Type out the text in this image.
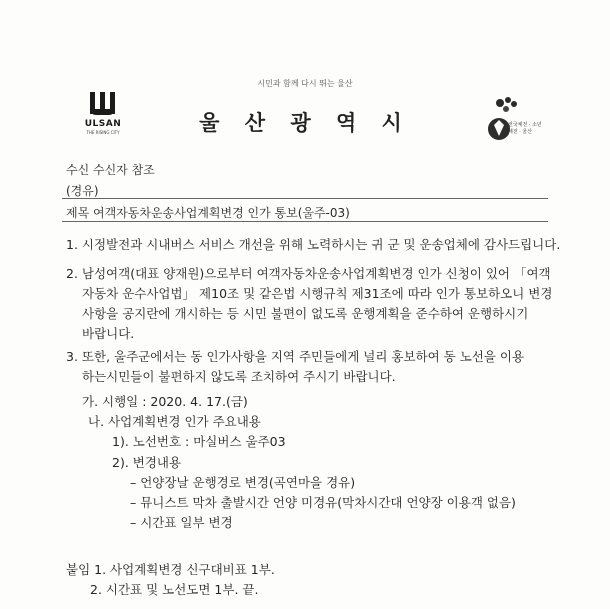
시민과 함께 다시 뛰는 울산
ULSAN
THE RISING CITY	울 산 광 역 시	전국체전 · 소년체전 · 울산
수신 수신자 참조
(경유)
제목 여객자동차운송사업계획변경 인가 통보(울주-03)
1. 시정발전과 시내버스 서비스 개선을 위해 노력하시는 귀 군 및 운송업체에 감사드립니다.
2. 남성여객(대표 양재원)으로부터 여객자동차운송사업계획변경 인가 신청이 있어 「여객
자동차 운수사업법」 제10조 및 같은법 시행규칙 제31조에 따라 인가 통보하오니 변경
사항을 공지란에 개시하는 등 시민 불편이 없도록 운행계획을 준수하여 운행하시기
바랍니다.
3. 또한, 울주군에서는 동 인가사항을 지역 주민들에게 널리 홍보하여 동 노선을 이용
하는시민들이 불편하지 않도록 조치하여 주시기 바랍니다.
가. 시행일 : 2020. 4. 17.(금)
나. 사업계획변경 인가 주요내용
1). 노선번호 : 마실버스 울주03
2). 변경내용
– 언양장날 운행경로 변경(곡연마을 경유)
– 뮤니스트 막차 출발시간 언양 미경유(막차시간대 언양장 이용객 없음)
– 시간표 일부 변경
붙임 1. 사업계획변경 신구대비표 1부.
2. 시간표 및 노선도면 1부. 끝.
